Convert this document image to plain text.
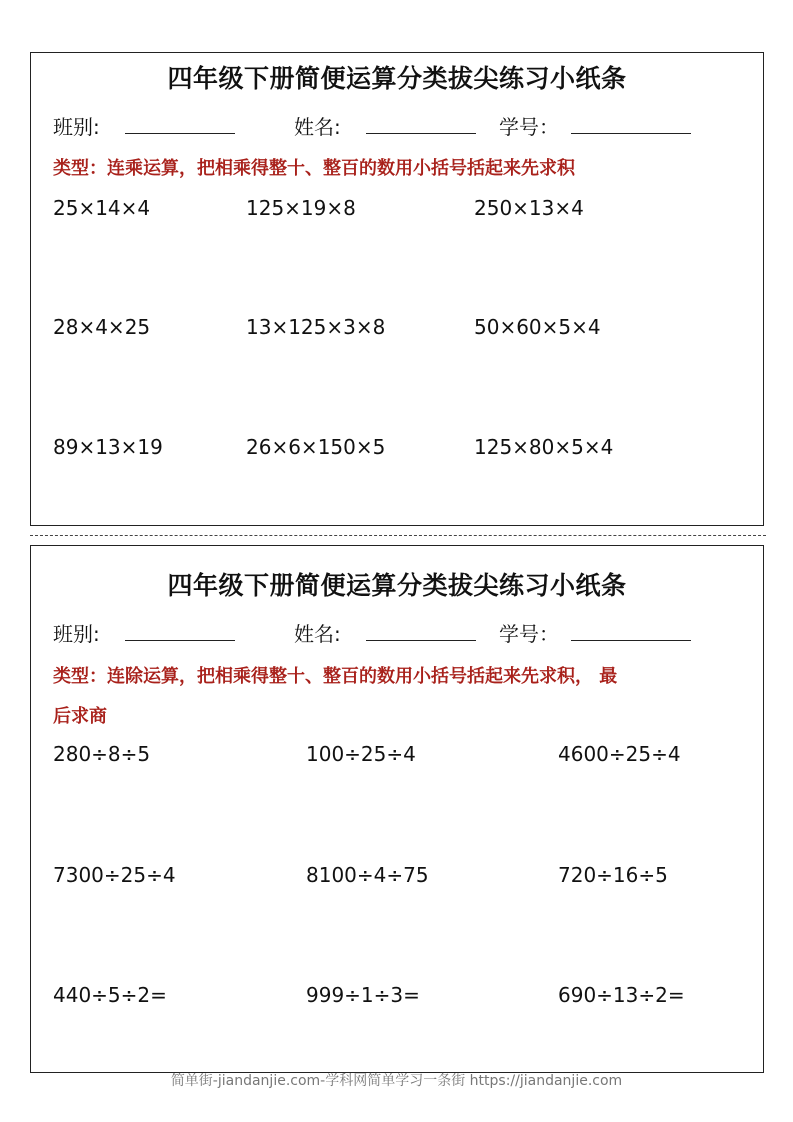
四年级下册简便运算分类拔尖练习小纸条
班别:	姓名:	学号：
类型：连乘运算，把相乘得整十、整百的数用小括号括起来先求积
25×14×4	125×19×8	250×13×4
28×4×25	13×125×3×8	50×60×5×4
89×13×19	26×6×150×5	125×80×5×4
四年级下册简便运算分类拔尖练习小纸条
班别:	姓名:	学号：
类型：连除运算，把相乘得整十、整百的数用小括号括起来先求积， 最
后求商
280÷8÷5	100÷25÷4	4600÷25÷4
7300÷25÷4	8100÷4÷75	720÷16÷5
440÷5÷2=	999÷1÷3=	690÷13÷2=
简单街-jiandanjie.com-学科网简单学习一条街 https://jiandanjie.com
